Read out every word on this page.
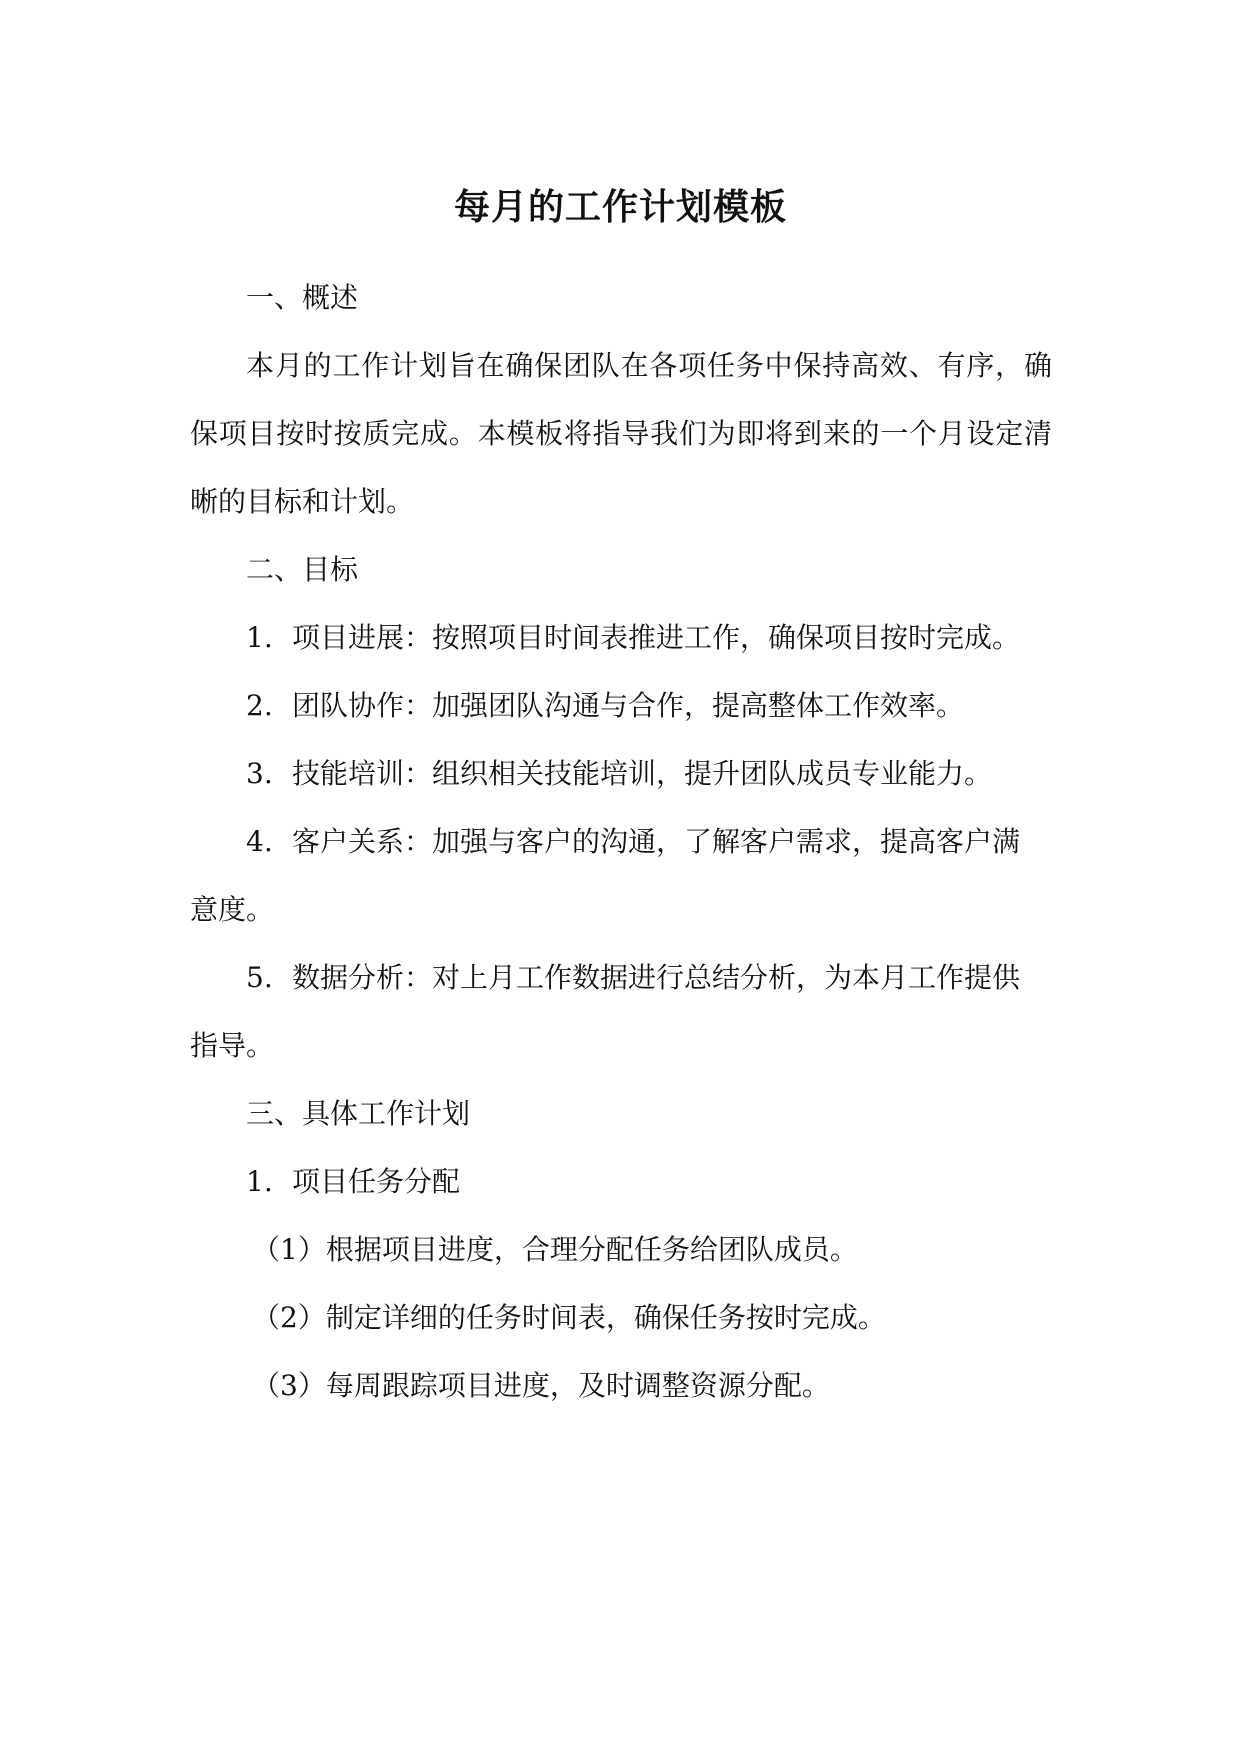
每月的工作计划模板
一、概述
本月的工作计划旨在确保团队在各项任务中保持高效、有序，确
保项目按时按质完成。本模板将指导我们为即将到来的一个月设定清
晰的目标和计划。
二、目标
1. 项目进展：按照项目时间表推进工作，确保项目按时完成。
2. 团队协作：加强团队沟通与合作，提高整体工作效率。
3. 技能培训：组织相关技能培训，提升团队成员专业能力。
4. 客户关系：加强与客户的沟通，了解客户需求，提高客户满
意度。
5. 数据分析：对上月工作数据进行总结分析，为本月工作提供
指导。
三、具体工作计划
1. 项目任务分配
（1）根据项目进度，合理分配任务给团队成员。
（2）制定详细的任务时间表，确保任务按时完成。
（3）每周跟踪项目进度，及时调整资源分配。
